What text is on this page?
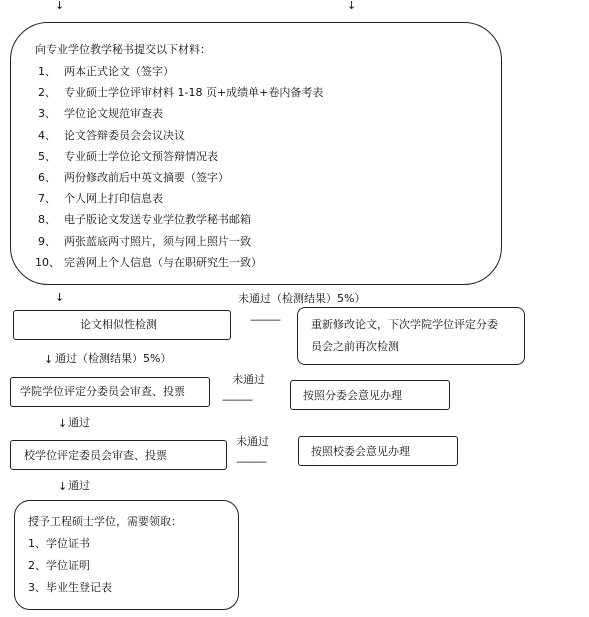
↓	↓
向专业学位教学秘书提交以下材料：
1、 两本正式论文（签字）
2、 专业硕士学位评审材料 1-18 页+成绩单+卷内备考表
3、 学位论文规范审查表
4、 论文答辩委员会会议决议
5、 专业硕士学位论文预答辩情况表
6、 两份修改前后中英文摘要（签字）
7、 个人网上打印信息表
8、 电子版论文发送专业学位教学秘书邮箱
9、 两张蓝底两寸照片，须与网上照片一致
10、 完善网上个人信息（与在职研究生一致）
↓
论文相似性检测
未通过（检测结果）5%）
———	重新修改论文，下次学院学位评定分委
员会之前再次检测
↓ 通过（检测结果）5%）
学院学位评定分委员会审查、投票
未通过
———	按照分委会意见办理
↓ 通过
校学位评定委员会审查、投票
未通过
———
按照校委会意见办理
↓ 通过
授予工程硕士学位，需要领取：
1、学位证书
2、学位证明
3、毕业生登记表
